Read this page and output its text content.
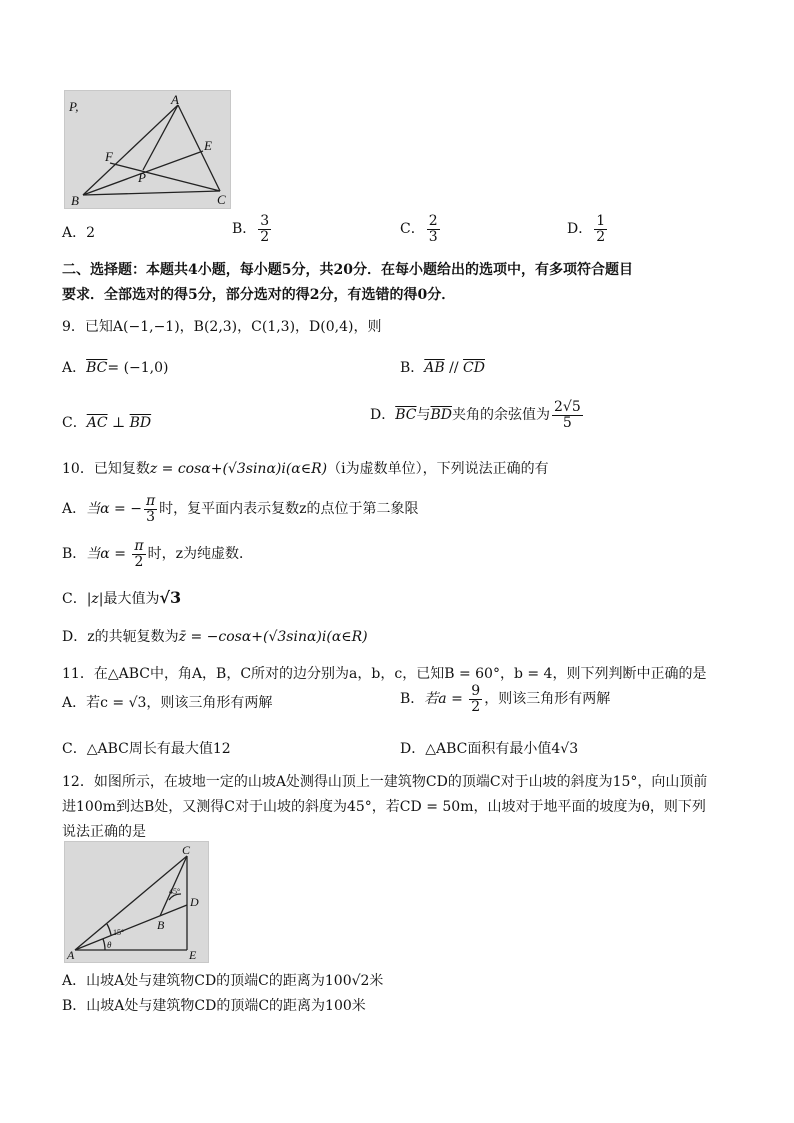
P,	A
E
F
P
B	C
A．2	B． $\frac{3}{2}$	C． $\frac{2}{3}$	D． $\frac{1}{2}$
二、选择题：本题共4小题，每小题5分，共20分．在每小题给出的选项中，有多项符合题目
要求．全部选对的得5分，部分选对的得2分，有选错的得0分．
9．已知A(−1,−1)，B(2,3)，C(1,3)，D(0,4)，则
A．$\overline{BC}= (-1,0)$	B．$\overline{AB} // \overline{CD}$
C．$\overline{AC}$ ⊥ $\overline{BD}$	D．$\overline{BC}$与$\overline{BD}$夹角的余弦值为 $\frac{2√5}{5}$
10．已知复数z = cosα+(√3sinα)i(α∈R)（i为虚数单位），下列说法正确的有
A．当α = − $\frac{\pi}{3}$ 时，复平面内表示复数z的点位于第二象限
B．当$\alpha = \frac{\pi}{2}$ 时，z为纯虚数．
C．|z|最大值为√3
D．z的共轭复数为z̄ = −cosα+(√3sinα)i(α∈R)
11．在△ABC中，角A，B，C所对的边分别为a，b，c，已知B = 60°，b = 4，则下列判断中正确的是
A．若c = √3，则该三角形有两解	B．若$a = \frac{9}{2}$ ，则该三角形有两解
C．△ABC周长有最大值12	D．△ABC面积有最小值4√3
12．如图所示，在坡地一定的山坡A处测得山顶上一建筑物CD的顶端C对于山坡的斜度为15°，向山顶前
进100m到达B处，又测得C对于山坡的斜度为45°，若CD = 50m，山坡对于地平面的坡度为θ，则下列
说法正确的是
C
D
B
A	E
45°
15°
θ
A．山坡A处与建筑物CD的顶端C的距离为100√2米
B．山坡A处与建筑物CD的顶端C的距离为100米
